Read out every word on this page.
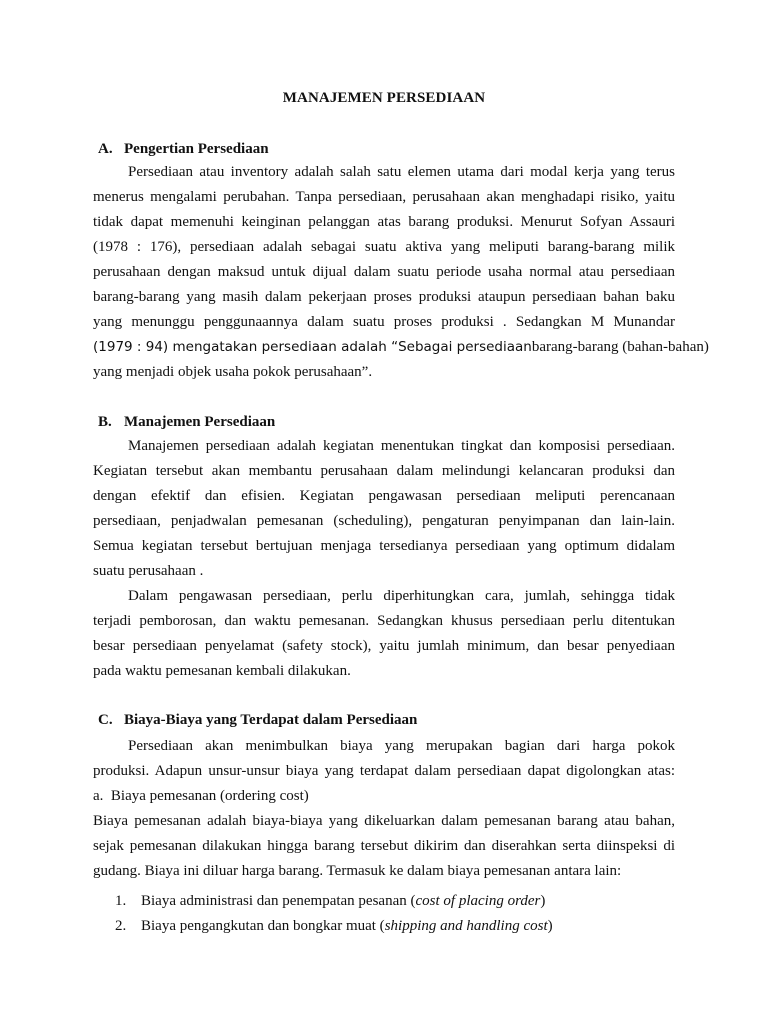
MANAJEMEN PERSEDIAAN
A. Pengertian Persediaan
Persediaan atau inventory adalah salah satu elemen utama dari modal kerja yang terus
menerus mengalami perubahan. Tanpa persediaan, perusahaan akan menghadapi risiko, yaitu
tidak dapat memenuhi keinginan pelanggan atas barang produksi. Menurut Sofyan Assauri
(1978 : 176), persediaan adalah sebagai suatu aktiva yang meliputi barang-barang milik
perusahaan dengan maksud untuk dijual dalam suatu periode usaha normal atau persediaan
barang-barang yang masih dalam pekerjaan proses produksi ataupun persediaan bahan baku
yang menunggu penggunaannya dalam suatu proses produksi . Sedangkan M Munandar
(1979 : 94) mengatakan persediaan adalah “Sebagai persediaan barang-barang (bahan-bahan)
yang menjadi objek usaha pokok perusahaan”.
B. Manajemen Persediaan
Manajemen persediaan adalah kegiatan menentukan tingkat dan komposisi persediaan.
Kegiatan tersebut akan membantu perusahaan dalam melindungi kelancaran produksi dan
dengan efektif dan efisien. Kegiatan pengawasan persediaan meliputi perencanaan
persediaan, penjadwalan pemesanan (scheduling), pengaturan penyimpanan dan lain-lain.
Semua kegiatan tersebut bertujuan menjaga tersedianya persediaan yang optimum didalam
suatu perusahaan .
Dalam pengawasan persediaan, perlu diperhitungkan cara, jumlah, sehingga tidak
terjadi pemborosan, dan waktu pemesanan. Sedangkan khusus persediaan perlu ditentukan
besar persediaan penyelamat (safety stock), yaitu jumlah minimum, dan besar penyediaan
pada waktu pemesanan kembali dilakukan.
C. Biaya-Biaya yang Terdapat dalam Persediaan
Persediaan akan menimbulkan biaya yang merupakan bagian dari harga pokok
produksi. Adapun unsur-unsur biaya yang terdapat dalam persediaan dapat digolongkan atas:
a.  Biaya pemesanan (ordering cost)
Biaya pemesanan adalah biaya-biaya yang dikeluarkan dalam pemesanan barang atau bahan,
sejak pemesanan dilakukan hingga barang tersebut dikirim dan diserahkan serta diinspeksi di
gudang. Biaya ini diluar harga barang. Termasuk ke dalam biaya pemesanan antara lain:
1. Biaya administrasi dan penempatan pesanan (cost of placing order)
2. Biaya pengangkutan dan bongkar muat (shipping and handling cost)
